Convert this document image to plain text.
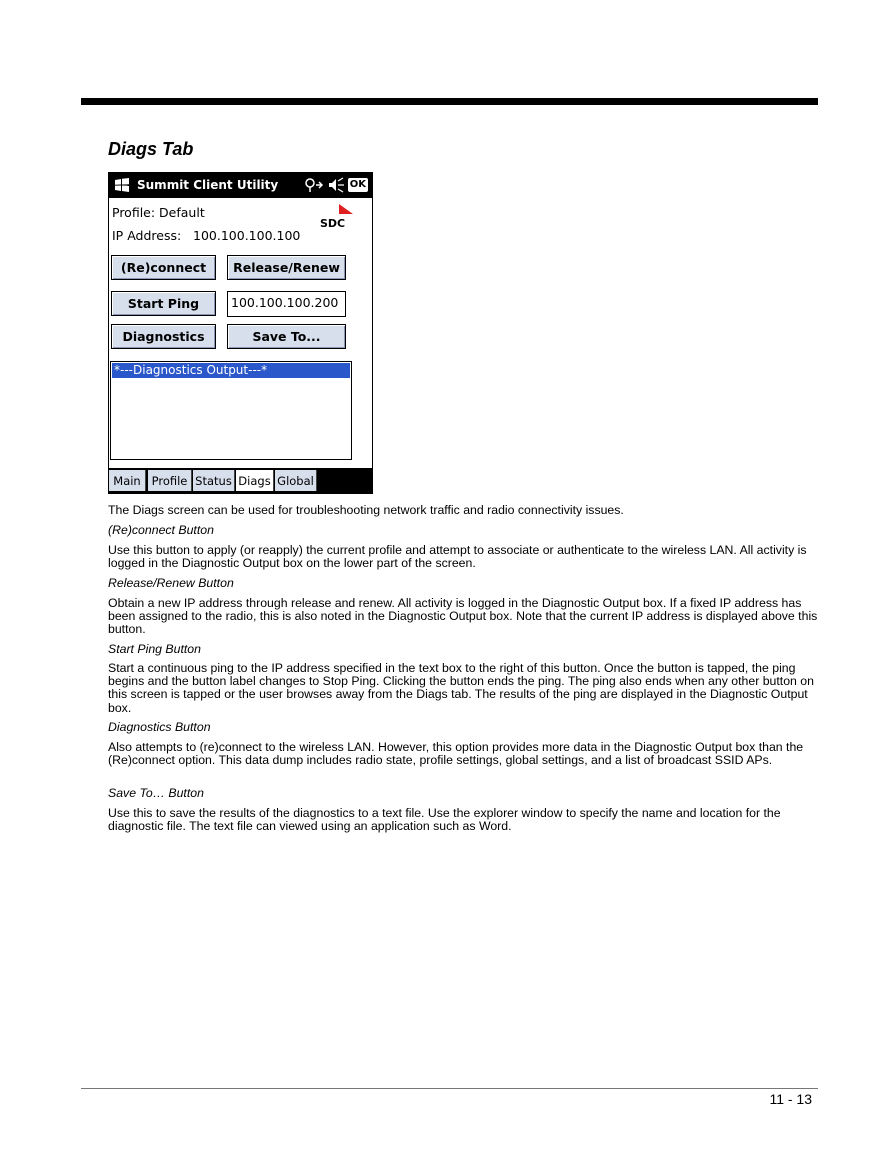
Diags Tab
Summit Client Utility	OK
Profile: Default
IP Address: 100.100.100.100
SDC
(Re)connect	Release/Renew
Start Ping	100.100.100.200
Diagnostics	Save To...
*---Diagnostics Output---*
Main Profile Status Diags Global
The Diags screen can be used for troubleshooting network traffic and radio connectivity issues.
(Re)connect Button
Use this button to apply (or reapply) the current profile and attempt to associate or authenticate to the wireless LAN. All activity is logged in the Diagnostic Output box on the lower part of the screen.
Release/Renew Button
Obtain a new IP address through release and renew. All activity is logged in the Diagnostic Output box. If a fixed IP address has been assigned to the radio, this is also noted in the Diagnostic Output box. Note that the current IP address is displayed above this button.
Start Ping Button
Start a continuous ping to the IP address specified in the text box to the right of this button. Once the button is tapped, the ping begins and the button label changes to Stop Ping. Clicking the button ends the ping. The ping also ends when any other button on this screen is tapped or the user browses away from the Diags tab. The results of the ping are displayed in the Diagnostic Output box.
Diagnostics Button
Also attempts to (re)connect to the wireless LAN. However, this option provides more data in the Diagnostic Output box than the (Re)connect option. This data dump includes radio state, profile settings, global settings, and a list of broadcast SSID APs.
Save To… Button
Use this to save the results of the diagnostics to a text file. Use the explorer window to specify the name and location for the diagnostic file. The text file can viewed using an application such as Word.
11 - 13
